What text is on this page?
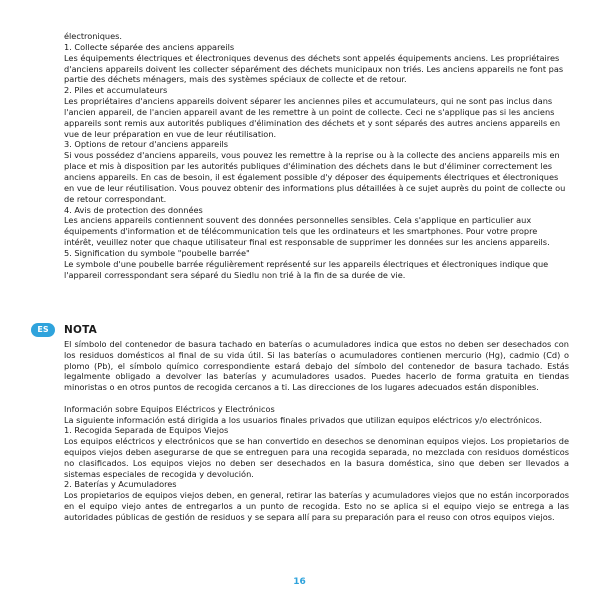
électroniques.

1. Collecte séparée des anciens appareils

Les équipements électriques et électroniques devenus des déchets sont appelés équipements anciens. Les propriétaires d'anciens appareils doivent les collecter séparément des déchets municipaux non triés. Les anciens appareils ne font pas partie des déchets ménagers, mais des systèmes spéciaux de collecte et de retour.

2. Piles et accumulateurs

Les propriétaires d'anciens appareils doivent séparer les anciennes piles et accumulateurs, qui ne sont pas inclus dans l'ancien appareil, de l'ancien appareil avant de les remettre à un point de collecte. Ceci ne s'applique pas si les anciens appareils sont remis aux autorités publiques d'élimination des déchets et y sont séparés des autres anciens appareils en vue de leur préparation en vue de leur réutilisation.

3. Options de retour d'anciens appareils

Si vous possédez d'anciens appareils, vous pouvez les remettre à la reprise ou à la collecte des anciens appareils mis en place et mis à disposition par les autorités publiques d'élimination des déchets dans le but d'éliminer correctement les anciens appareils. En cas de besoin, il est également possible d'y déposer des équipements électriques et électroniques en vue de leur réutilisation. Vous pouvez obtenir des informations plus détaillées à ce sujet auprès du point de collecte ou de retour correspondant.

4. Avis de protection des données

Les anciens appareils contiennent souvent des données personnelles sensibles. Cela s'applique en particulier aux équipements d'information et de télécommunication tels que les ordinateurs et les smartphones. Pour votre propre intérêt, veuillez noter que chaque utilisateur final est responsable de supprimer les données sur les anciens appareils.

5. Signification du symbole "poubelle barrée"

Le symbole d'une poubelle barrée régulièrement représenté sur les appareils électriques et électroniques indique que l'appareil corresspondant sera séparé du Siedlu non trié à la fin de sa durée de vie.

ES	NOTA

El símbolo del contenedor de basura tachado en baterías o acumuladores indica que estos no deben ser desechados con los residuos domésticos al final de su vida útil. Si las baterías o acumuladores contienen mercurio (Hg), cadmio (Cd) o plomo (Pb), el símbolo químico correspondiente estará debajo del símbolo del contenedor de basura tachado. Estás legalmente obligado a devolver las baterías y acumuladores usados. Puedes hacerlo de forma gratuita en tiendas minoristas o en otros puntos de recogida cercanos a ti. Las direcciones de los lugares adecuados están disponibles.

Información sobre Equipos Eléctricos y Electrónicos

La siguiente información está dirigida a los usuarios finales privados que utilizan equipos eléctricos y/o electrónicos.

1. Recogida Separada de Equipos Viejos

Los equipos eléctricos y electrónicos que se han convertido en desechos se denominan equipos viejos. Los propietarios de equipos viejos deben asegurarse de que se entreguen para una recogida separada, no mezclada con residuos domésticos no clasificados. Los equipos viejos no deben ser desechados en la basura doméstica, sino que deben ser llevados a sistemas especiales de recogida y devolución.

2. Baterías y Acumuladores

Los propietarios de equipos viejos deben, en general, retirar las baterías y acumuladores viejos que no están incorporados en el equipo viejo antes de entregarlos a un punto de recogida. Esto no se aplica si el equipo viejo se entrega a las autoridades públicas de gestión de residuos y se separa allí para su preparación para el reuso con otros equipos viejos.

16
